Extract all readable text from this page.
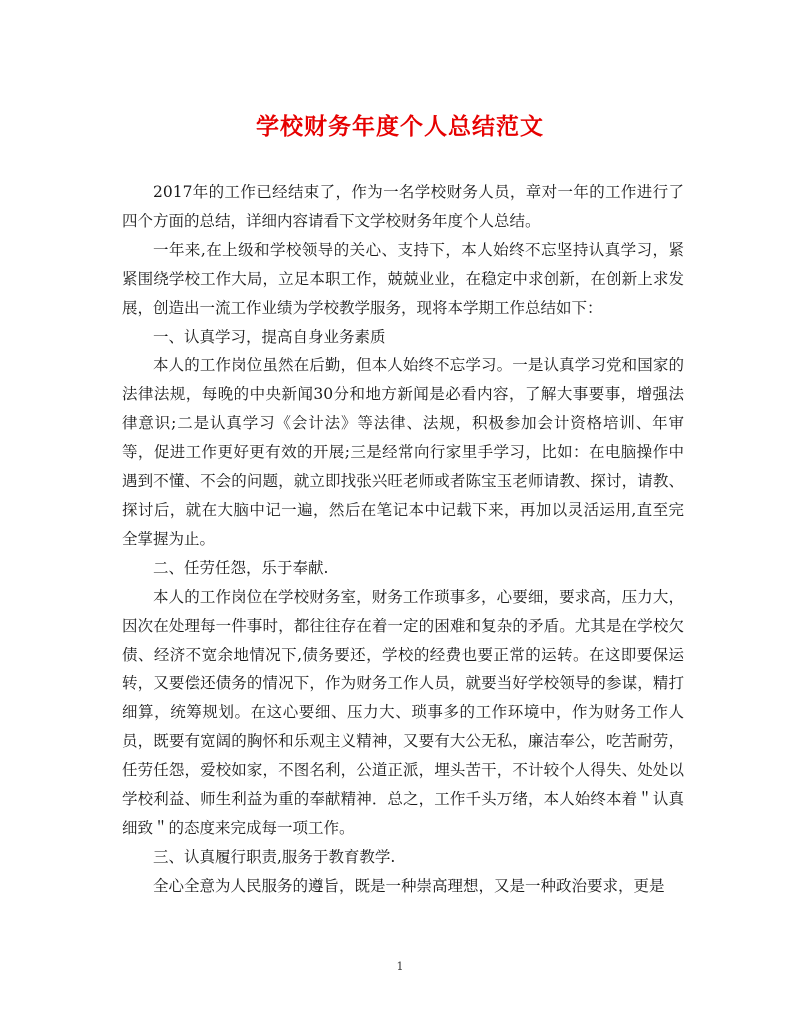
学校财务年度个人总结范文

2017年的工作已经结束了，作为一名学校财务人员，章对一年的工作进行了四个方面的总结，详细内容请看下文学校财务年度个人总结。

一年来,在上级和学校领导的关心、支持下，本人始终不忘坚持认真学习，紧紧围绕学校工作大局，立足本职工作，兢兢业业，在稳定中求创新，在创新上求发展，创造出一流工作业绩为学校教学服务，现将本学期工作总结如下：

一、认真学习，提高自身业务素质

本人的工作岗位虽然在后勤，但本人始终不忘学习。一是认真学习党和国家的法律法规，每晚的中央新闻30分和地方新闻是必看内容，了解大事要事，增强法律意识;二是认真学习《会计法》等法律、法规，积极参加会计资格培训、年审等，促进工作更好更有效的开展;三是经常向行家里手学习，比如：在电脑操作中遇到不懂、不会的问题，就立即找张兴旺老师或者陈宝玉老师请教、探讨，请教、探讨后，就在大脑中记一遍，然后在笔记本中记载下来，再加以灵活运用,直至完全掌握为止。

二、任劳任怨，乐于奉献.

本人的工作岗位在学校财务室，财务工作琐事多，心要细，要求高，压力大，因次在处理每一件事时，都往往存在着一定的困难和复杂的矛盾。尤其是在学校欠债、经济不宽余地情况下,债务要还，学校的经费也要正常的运转。在这即要保运转，又要偿还债务的情况下，作为财务工作人员，就要当好学校领导的参谋，精打细算，统筹规划。在这心要细、压力大、琐事多的工作环境中，作为财务工作人员，既要有宽阔的胸怀和乐观主义精神，又要有大公无私，廉洁奉公，吃苦耐劳，任劳任怨，爱校如家，不图名利，公道正派，埋头苦干，不计较个人得失、处处以学校利益、师生利益为重的奉献精神．总之，工作千头万绪，本人始终本着＂认真细致＂的态度来完成每一项工作。

三、认真履行职责,服务于教育教学.

全心全意为人民服务的遵旨，既是一种崇高理想，又是一种政治要求，更是

1
